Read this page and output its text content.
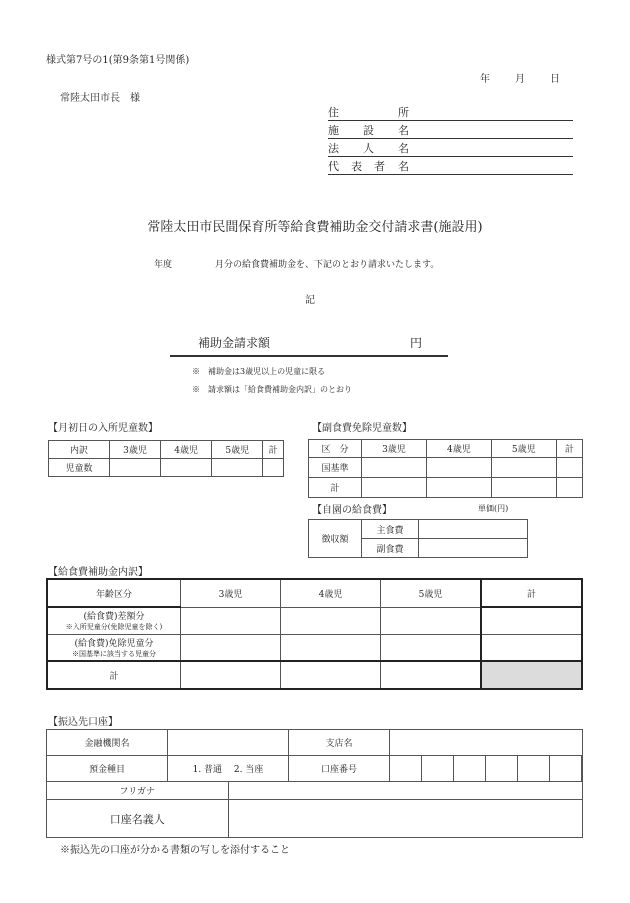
様式第7号の1(第9条第1号関係)
年	月	日
常陸太田市長　様
住	所
施 設 名
法 人 名
代 表 者 名
常陸太田市民間保育所等給食費補助金交付請求書(施設用)
年度	月分の給食費補助金を、下記のとおり請求いたします。
記
補助金請求額	円
※　補助金は3歳児以上の児童に限る
※　請求額は「給食費補助金内訳」のとおり
【月初日の入所児童数】
内訳	3歳児	4歳児	5歳児	計
児童数				
【副食費免除児童数】
区　分	3歳児	4歳児	5歳児	計
国基準				
計				
【自園の給食費】	単価(円)
徴収額	主食費	
	副食費	
【給食費補助金内訳】
年齢区分	3歳児	4歳児	5歳児	計

(給食費)差額分
※入所児童分(免除児童を除く)				

(給食費)免除児童分
※国基準に該当する児童分				

計				
【振込先口座】
金融機関名			支店名							
預金種目	1. 普通　 2. 当座		口座番号							
フリガナ										
口座名義人										
※振込先の口座が分かる書類の写しを添付すること
